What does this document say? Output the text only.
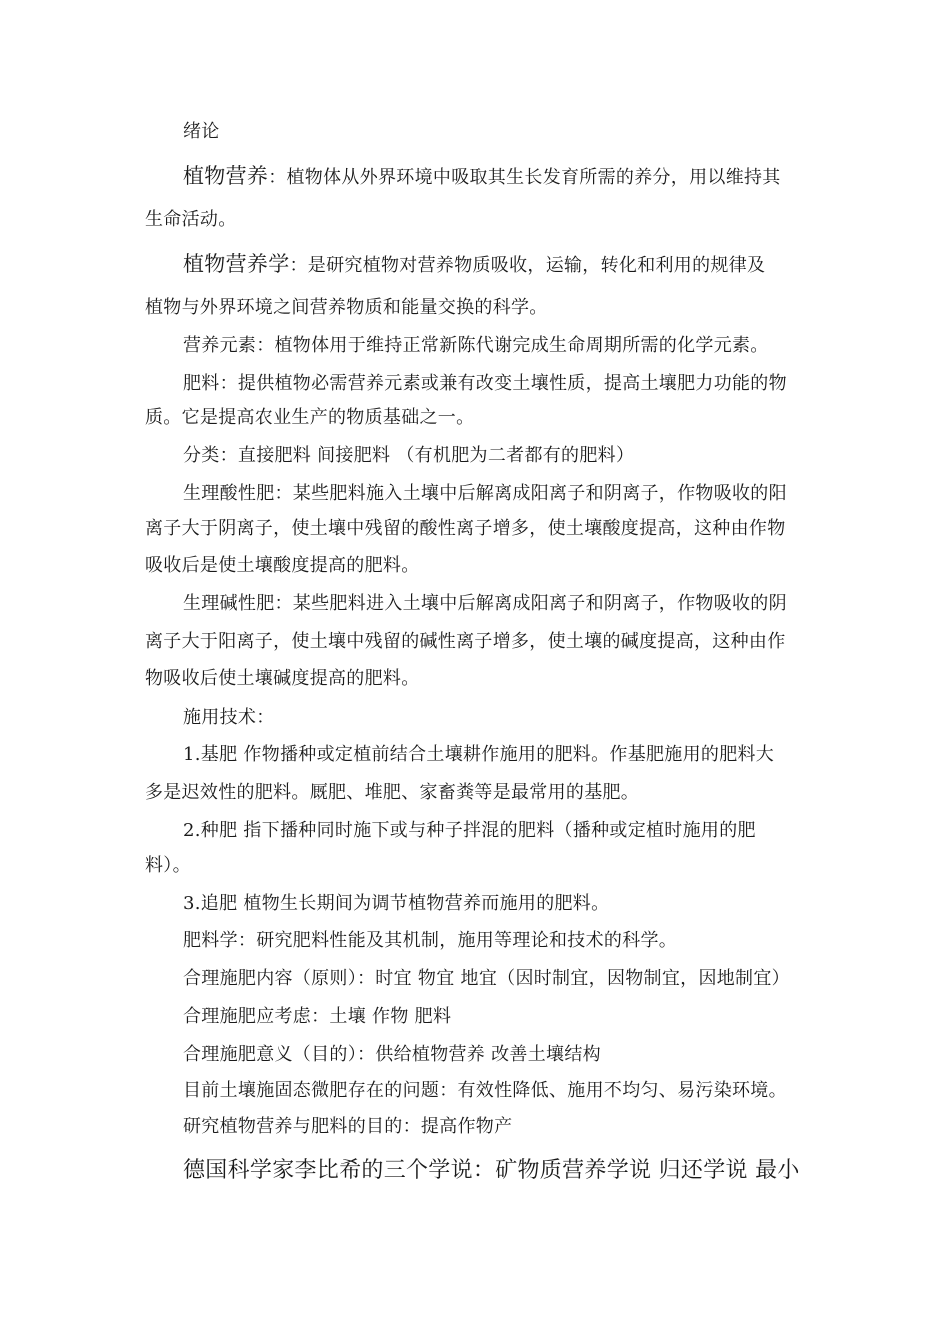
绪论
植物营养：植物体从外界环境中吸取其生长发育所需的养分，用以维持其
生命活动。
植物营养学：是研究植物对营养物质吸收，运输，转化和利用的规律及
植物与外界环境之间营养物质和能量交换的科学。
营养元素：植物体用于维持正常新陈代谢完成生命周期所需的化学元素。
肥料：提供植物必需营养元素或兼有改变土壤性质，提高土壤肥力功能的物
质。它是提高农业生产的物质基础之一。
分类：直接肥料 间接肥料 （有机肥为二者都有的肥料）
生理酸性肥：某些肥料施入土壤中后解离成阳离子和阴离子，作物吸收的阳
离子大于阴离子，使土壤中残留的酸性离子增多，使土壤酸度提高，这种由作物
吸收后是使土壤酸度提高的肥料。
生理碱性肥：某些肥料进入土壤中后解离成阳离子和阴离子，作物吸收的阴
离子大于阳离子，使土壤中残留的碱性离子增多，使土壤的碱度提高，这种由作
物吸收后使土壤碱度提高的肥料。
施用技术：
1.基肥 作物播种或定植前结合土壤耕作施用的肥料。作基肥施用的肥料大
多是迟效性的肥料。厩肥、堆肥、家畜粪等是最常用的基肥。
2.种肥 指下播种同时施下或与种子拌混的肥料（播种或定植时施用的肥
料）。
3.追肥 植物生长期间为调节植物营养而施用的肥料。
肥料学：研究肥料性能及其机制，施用等理论和技术的科学。
合理施肥内容（原则）：时宜 物宜 地宜（因时制宜，因物制宜，因地制宜）
合理施肥应考虑：土壤 作物 肥料
合理施肥意义（目的）：供给植物营养 改善土壤结构
目前土壤施固态微肥存在的问题：有效性降低、施用不均匀、易污染环境。
研究植物营养与肥料的目的：提高作物产
德国科学家李比希的三个学说：矿物质营养学说 归还学说 最小
